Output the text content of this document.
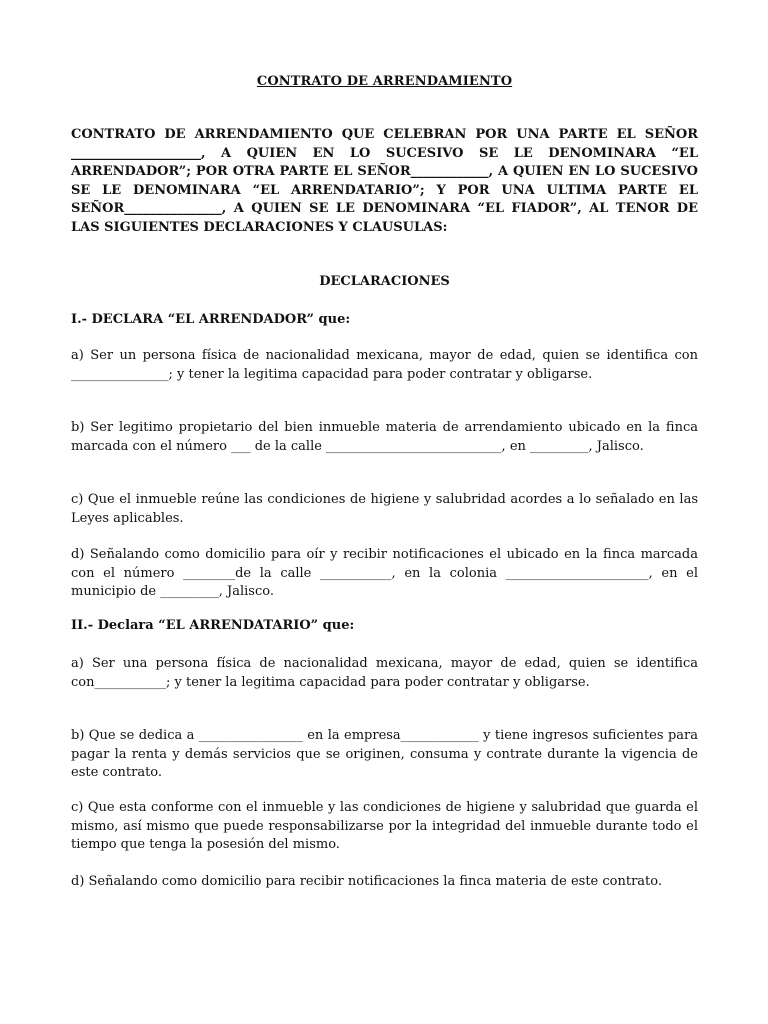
CONTRATO DE ARRENDAMIENTO
CONTRATO DE ARRENDAMIENTO QUE CELEBRAN POR UNA PARTE EL SEÑOR ____________________, A QUIEN EN LO SUCESIVO SE LE DENOMINARA “EL ARRENDADOR”; POR OTRA PARTE EL SEÑOR____________, A QUIEN EN LO SUCESIVO SE LE DENOMINARA “EL ARRENDATARIO”; Y POR UNA ULTIMA PARTE EL SEÑOR_______________, A QUIEN SE LE DENOMINARA “EL FIADOR”, AL TENOR DE LAS SIGUIENTES DECLARACIONES Y CLAUSULAS:
DECLARACIONES
I.- DECLARA “EL ARRENDADOR” que:
a) Ser un persona física de nacionalidad mexicana, mayor de edad, quien se identifica con _______________; y tener la legitima capacidad para poder contratar y obligarse.
b) Ser legitimo propietario del bien inmueble materia de arrendamiento ubicado en la finca marcada con el número ___ de la calle ___________________________, en _________, Jalisco.
c) Que el inmueble reúne las condiciones de higiene y salubridad acordes a lo señalado en las Leyes aplicables.
d) Señalando como domicilio para oír y recibir notificaciones el ubicado en la finca marcada con el número ________de la calle ___________, en la colonia ______________________, en el municipio de _________, Jalisco.
II.- Declara “EL ARRENDATARIO” que:
a) Ser una persona física de nacionalidad mexicana, mayor de edad, quien se identifica con___________; y tener la legitima capacidad para poder contratar y obligarse.
b) Que se dedica a ________________ en la empresa____________ y tiene ingresos suficientes para pagar la renta y demás servicios que se originen, consuma y contrate durante la vigencia de este contrato.
c) Que esta conforme con el inmueble y las condiciones de higiene y salubridad que guarda el mismo, así mismo que puede responsabilizarse por la integridad del inmueble durante todo el tiempo que tenga la posesión del mismo.
d) Señalando como domicilio para recibir notificaciones la finca materia de este contrato.
